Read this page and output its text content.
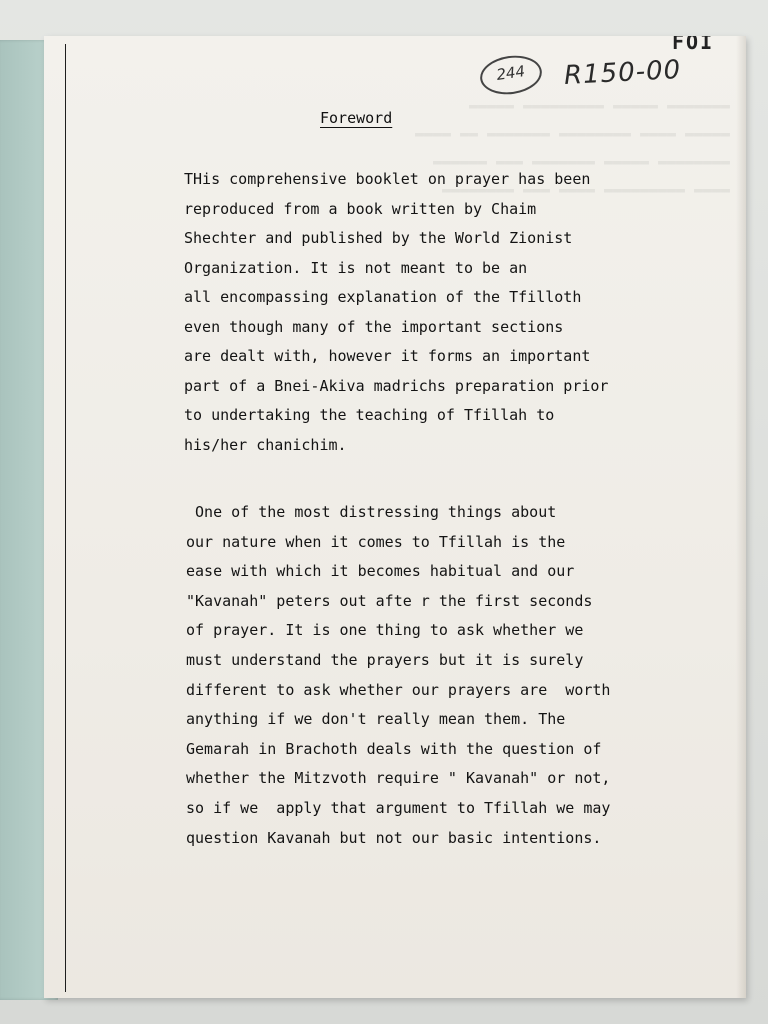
FOI
244	R150-00
▬▬▬▬▬▬▬ ▬▬▬▬▬ ▬▬▬▬▬▬▬▬▬ ▬▬▬▬▬
▬▬▬▬▬ ▬▬▬▬ ▬▬▬▬▬▬▬▬ ▬▬▬▬▬▬▬ ▬▬ ▬▬▬▬
▬▬▬▬▬▬▬▬ ▬▬▬▬▬ ▬▬▬▬▬▬▬ ▬▬▬ ▬▬▬▬▬▬
▬▬▬▬ ▬▬▬▬▬▬▬▬▬ ▬▬▬▬ ▬▬▬ ▬▬▬▬▬▬▬▬
Foreword
THis comprehensive booklet on prayer has been
reproduced from a book written by Chaim
Shechter and published by the World Zionist
Organization. It is not meant to be an
all encompassing explanation of the Tfilloth
even though many of the important sections
are dealt with, however it forms an important
part of a Bnei-Akiva madrichs preparation prior
to undertaking the teaching of Tfillah to
his/her chanichim.
One of the most distressing things about
our nature when it comes to Tfillah is the
ease with which it becomes habitual and our
"Kavanah" peters out afte r the first seconds
of prayer. It is one thing to ask whether we
must understand the prayers but it is surely
different to ask whether our prayers are  worth
anything if we don't really mean them. The
Gemarah in Brachoth deals with the question of
whether the Mitzvoth require " Kavanah" or not,
so if we  apply that argument to Tfillah we may
question Kavanah but not our basic intentions.
